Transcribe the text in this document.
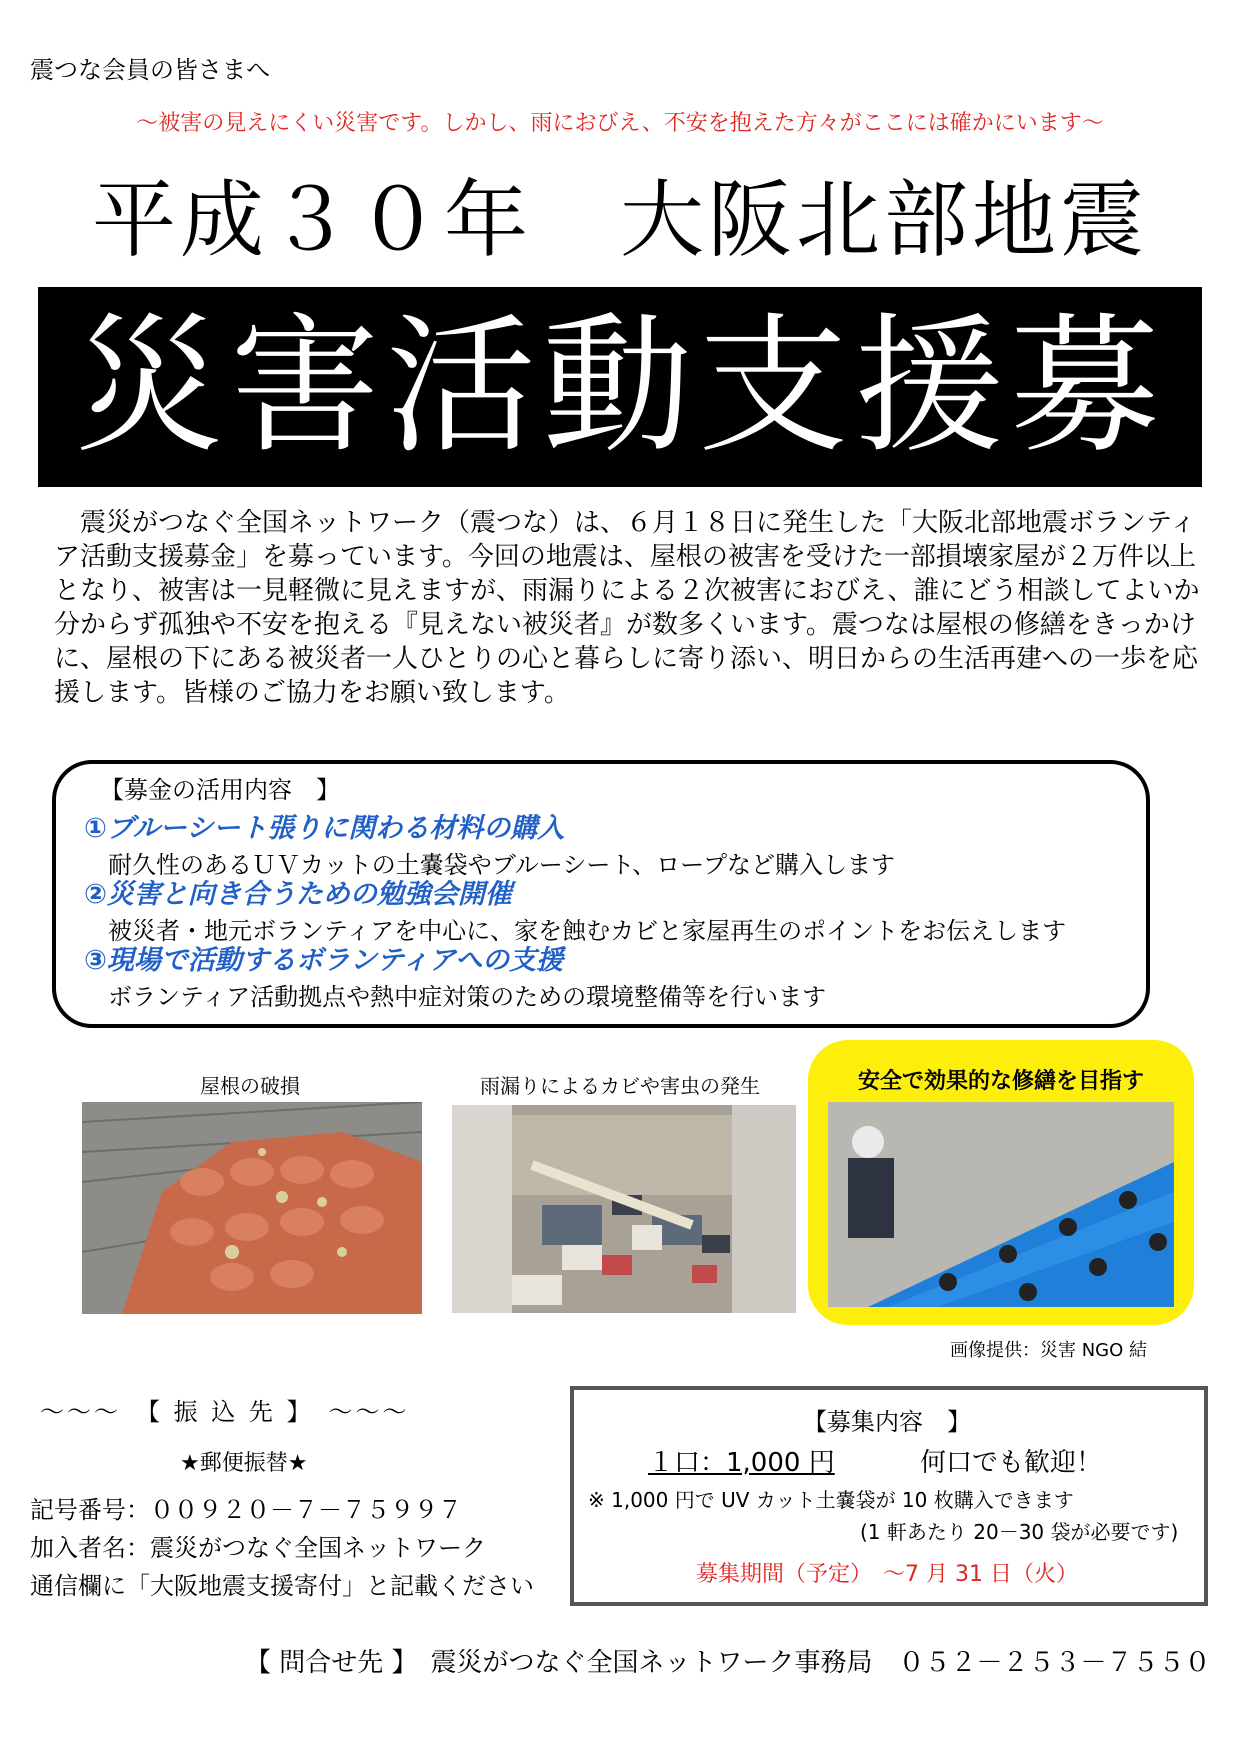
震つな会員の皆さまへ
～被害の見えにくい災害です。しかし、雨におびえ、不安を抱えた方々がここには確かにいます～
平成３０年　大阪北部地震
災害活動支援募金
震災がつなぐ全国ネットワーク（震つな）は、６月１８日に発生した「大阪北部地震ボランティア活動支援募金」を募っています。今回の地震は、屋根の被害を受けた一部損壊家屋が２万件以上となり、被害は一見軽微に見えますが、雨漏りによる２次被害におびえ、誰にどう相談してよいか分からず孤独や不安を抱える『見えない被災者』が数多くいます。震つなは屋根の修繕をきっかけに、屋根の下にある被災者一人ひとりの心と暮らしに寄り添い、明日からの生活再建への一歩を応援します。皆様のご協力をお願い致します。
【募金の活用内容　】
①ブルーシート張りに関わる材料の購入
耐久性のあるＵＶカットの土嚢袋やブルーシート、ロープなど購入します
②災害と向き合うための勉強会開催
被災者・地元ボランティアを中心に、家を蝕むカビと家屋再生のポイントをお伝えします
③現場で活動するボランティアへの支援
ボランティア活動拠点や熱中症対策のための環境整備等を行います
屋根の破損	雨漏りによるカビや害虫の発生	安全で効果的な修繕を目指す
画像提供：災害 NGO 結
～～～　【 振 込 先 】　～～～
★郵便振替★
記号番号：００９２０－７－７５９９７
加入者名：震災がつなぐ全国ネットワーク
通信欄に「大阪地震支援寄付」と記載ください
【募集内容　】
１口：1,000 円	何口でも歓迎！
※ 1,000 円で UV カット土嚢袋が 10 枚購入できます
(1 軒あたり 20－30 袋が必要です)
募集期間（予定）　～7 月 31 日（火）
【 問合せ先 】　震災がつなぐ全国ネットワーク事務局　０５２－２５３－７５５０
